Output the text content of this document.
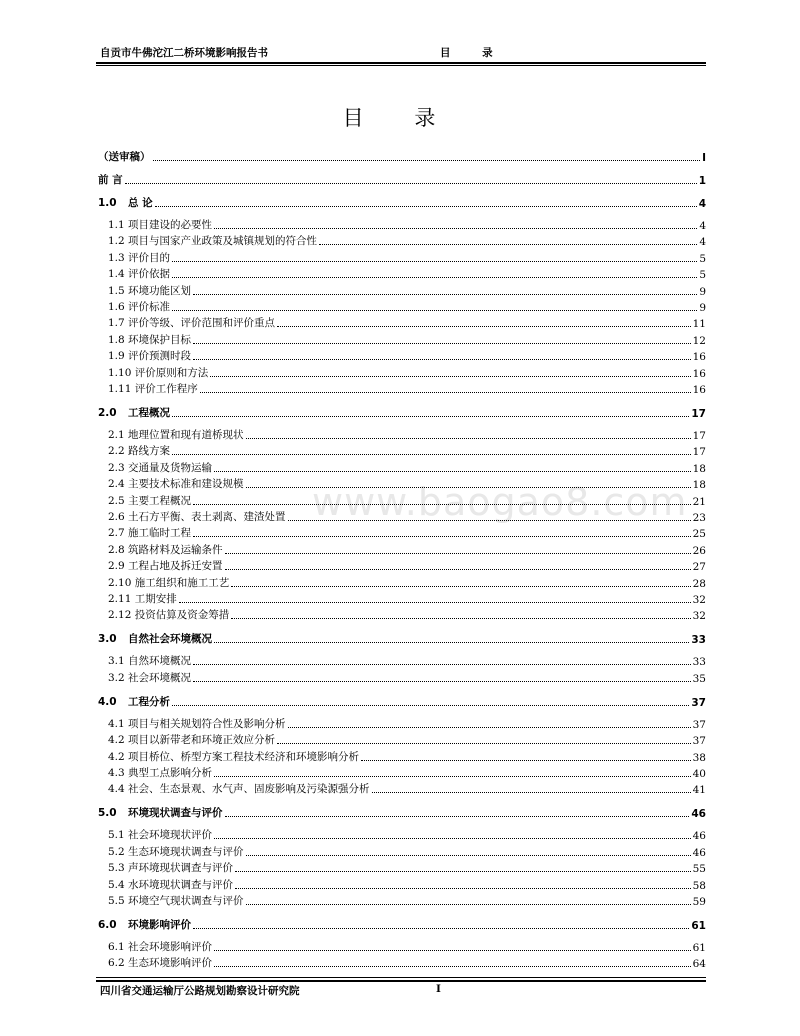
自贡市牛佛沱江二桥环境影响报告书	目 录
目 录
www.baogao8.com
（送审稿）	I
前 言	1
1.0 总 论	4
1.1 项目建设的必要性	4
1.2 项目与国家产业政策及城镇规划的符合性	4
1.3 评价目的	5
1.4 评价依据	5
1.5 环境功能区划	9
1.6 评价标准	9
1.7 评价等级、评价范围和评价重点	11
1.8 环境保护目标	12
1.9 评价预测时段	16
1.10 评价原则和方法	16
1.11 评价工作程序	16
2.0 工程概况	17
2.1 地理位置和现有道桥现状	17
2.2 路线方案	17
2.3 交通量及货物运输	18
2.4 主要技术标准和建设规模	18
2.5 主要工程概况	21
2.6 土石方平衡、表土剥离、建渣处置	23
2.7 施工临时工程	25
2.8 筑路材料及运输条件	26
2.9 工程占地及拆迁安置	27
2.10 施工组织和施工工艺	28
2.11 工期安排	32
2.12 投资估算及资金筹措	32
3.0 自然社会环境概况	33
3.1 自然环境概况	33
3.2 社会环境概况	35
4.0 工程分析	37
4.1 项目与相关规划符合性及影响分析	37
4.2 项目以新带老和环境正效应分析	37
4.2 项目桥位、桥型方案工程技术经济和环境影响分析	38
4.3 典型工点影响分析	40
4.4 社会、生态景观、水气声、固废影响及污染源强分析	41
5.0 环境现状调查与评价	46
5.1 社会环境现状评价	46
5.2 生态环境现状调查与评价	46
5.3 声环境现状调查与评价	55
5.4 水环境现状调查与评价	58
5.5 环境空气现状调查与评价	59
6.0 环境影响评价	61
6.1 社会环境影响评价	61
6.2 生态环境影响评价	64
四川省交通运输厅公路规划勘察设计研究院	I
